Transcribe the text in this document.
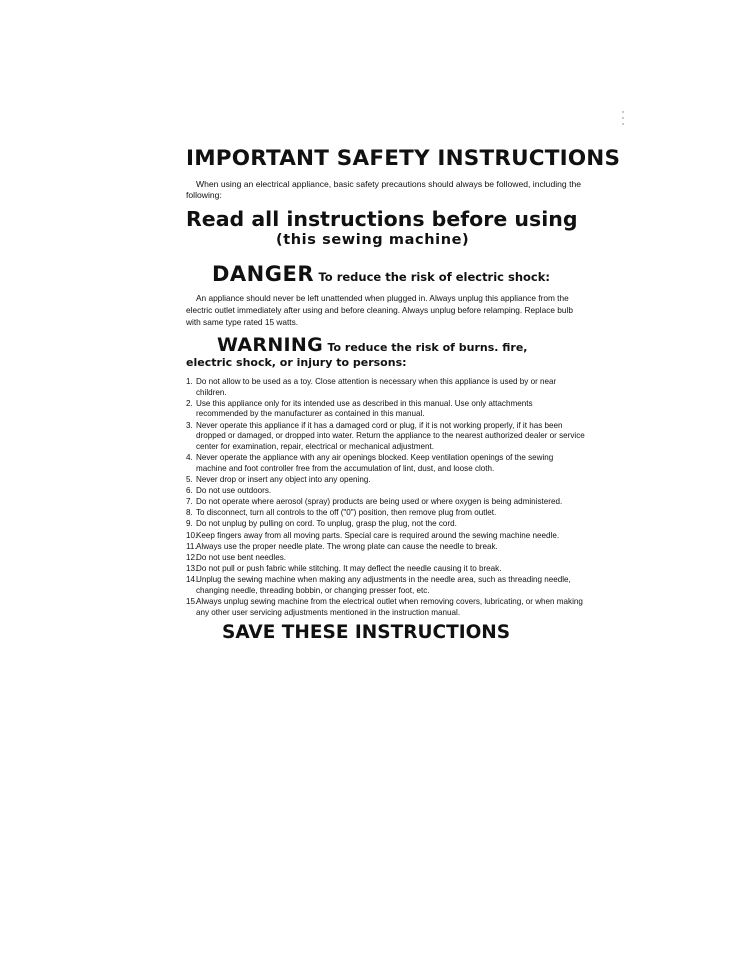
IMPORTANT SAFETY INSTRUCTIONS

When using an electrical appliance, basic safety precautions should always be followed, including the following:

Read all instructions before using
(this sewing machine)
DANGER To reduce the risk of electric shock:

An appliance should never be left unattended when plugged in. Always unplug this appliance from the electric outlet immediately after using and before cleaning. Always unplug before relamping. Replace bulb with same type rated 15 watts.

WARNING To reduce the risk of burns. fire,
electric shock, or injury to persons:
1. Do not allow to be used as a toy. Close attention is necessary when this appliance is used by or near children.
2. Use this appliance only for its intended use as described in this manual. Use only attachments recommended by the manufacturer as contained in this manual.
3. Never operate this appliance if it has a damaged cord or plug, if it is not working properly, if it has been dropped or damaged, or dropped into water. Return the appliance to the nearest authorized dealer or service center for examination, repair, electrical or mechanical adjustment.
4. Never operate the appliance with any air openings blocked. Keep ventilation openings of the sewing machine and foot controller free from the accumulation of lint, dust, and loose cloth.
5. Never drop or insert any object into any opening.
6. Do not use outdoors.
7. Do not operate where aerosol (spray) products are being used or where oxygen is being administered.
8. To disconnect, turn all controls to the off ("0") position, then remove plug from outlet.
9. Do not unplug by pulling on cord. To unplug, grasp the plug, not the cord.
10.
Keep fingers away from all moving parts. Special care is required around the sewing machine needle.
11. Always use the proper needle plate. The wrong plate can cause the needle to break.
12.
Do not use bent needles.
13.
Do not pull or push fabric while stitching. It may deflect the needle causing it to break.
14.
Unplug the sewing machine when making any adjustments in the needle area, such as threading needle, changing needle, threading bobbin, or changing presser foot, etc.
15.
Always unplug sewing machine from the electrical outlet when removing covers, lubricating, or when making any other user servicing adjustments mentioned in the instruction manual.
SAVE THESE INSTRUCTIONS
